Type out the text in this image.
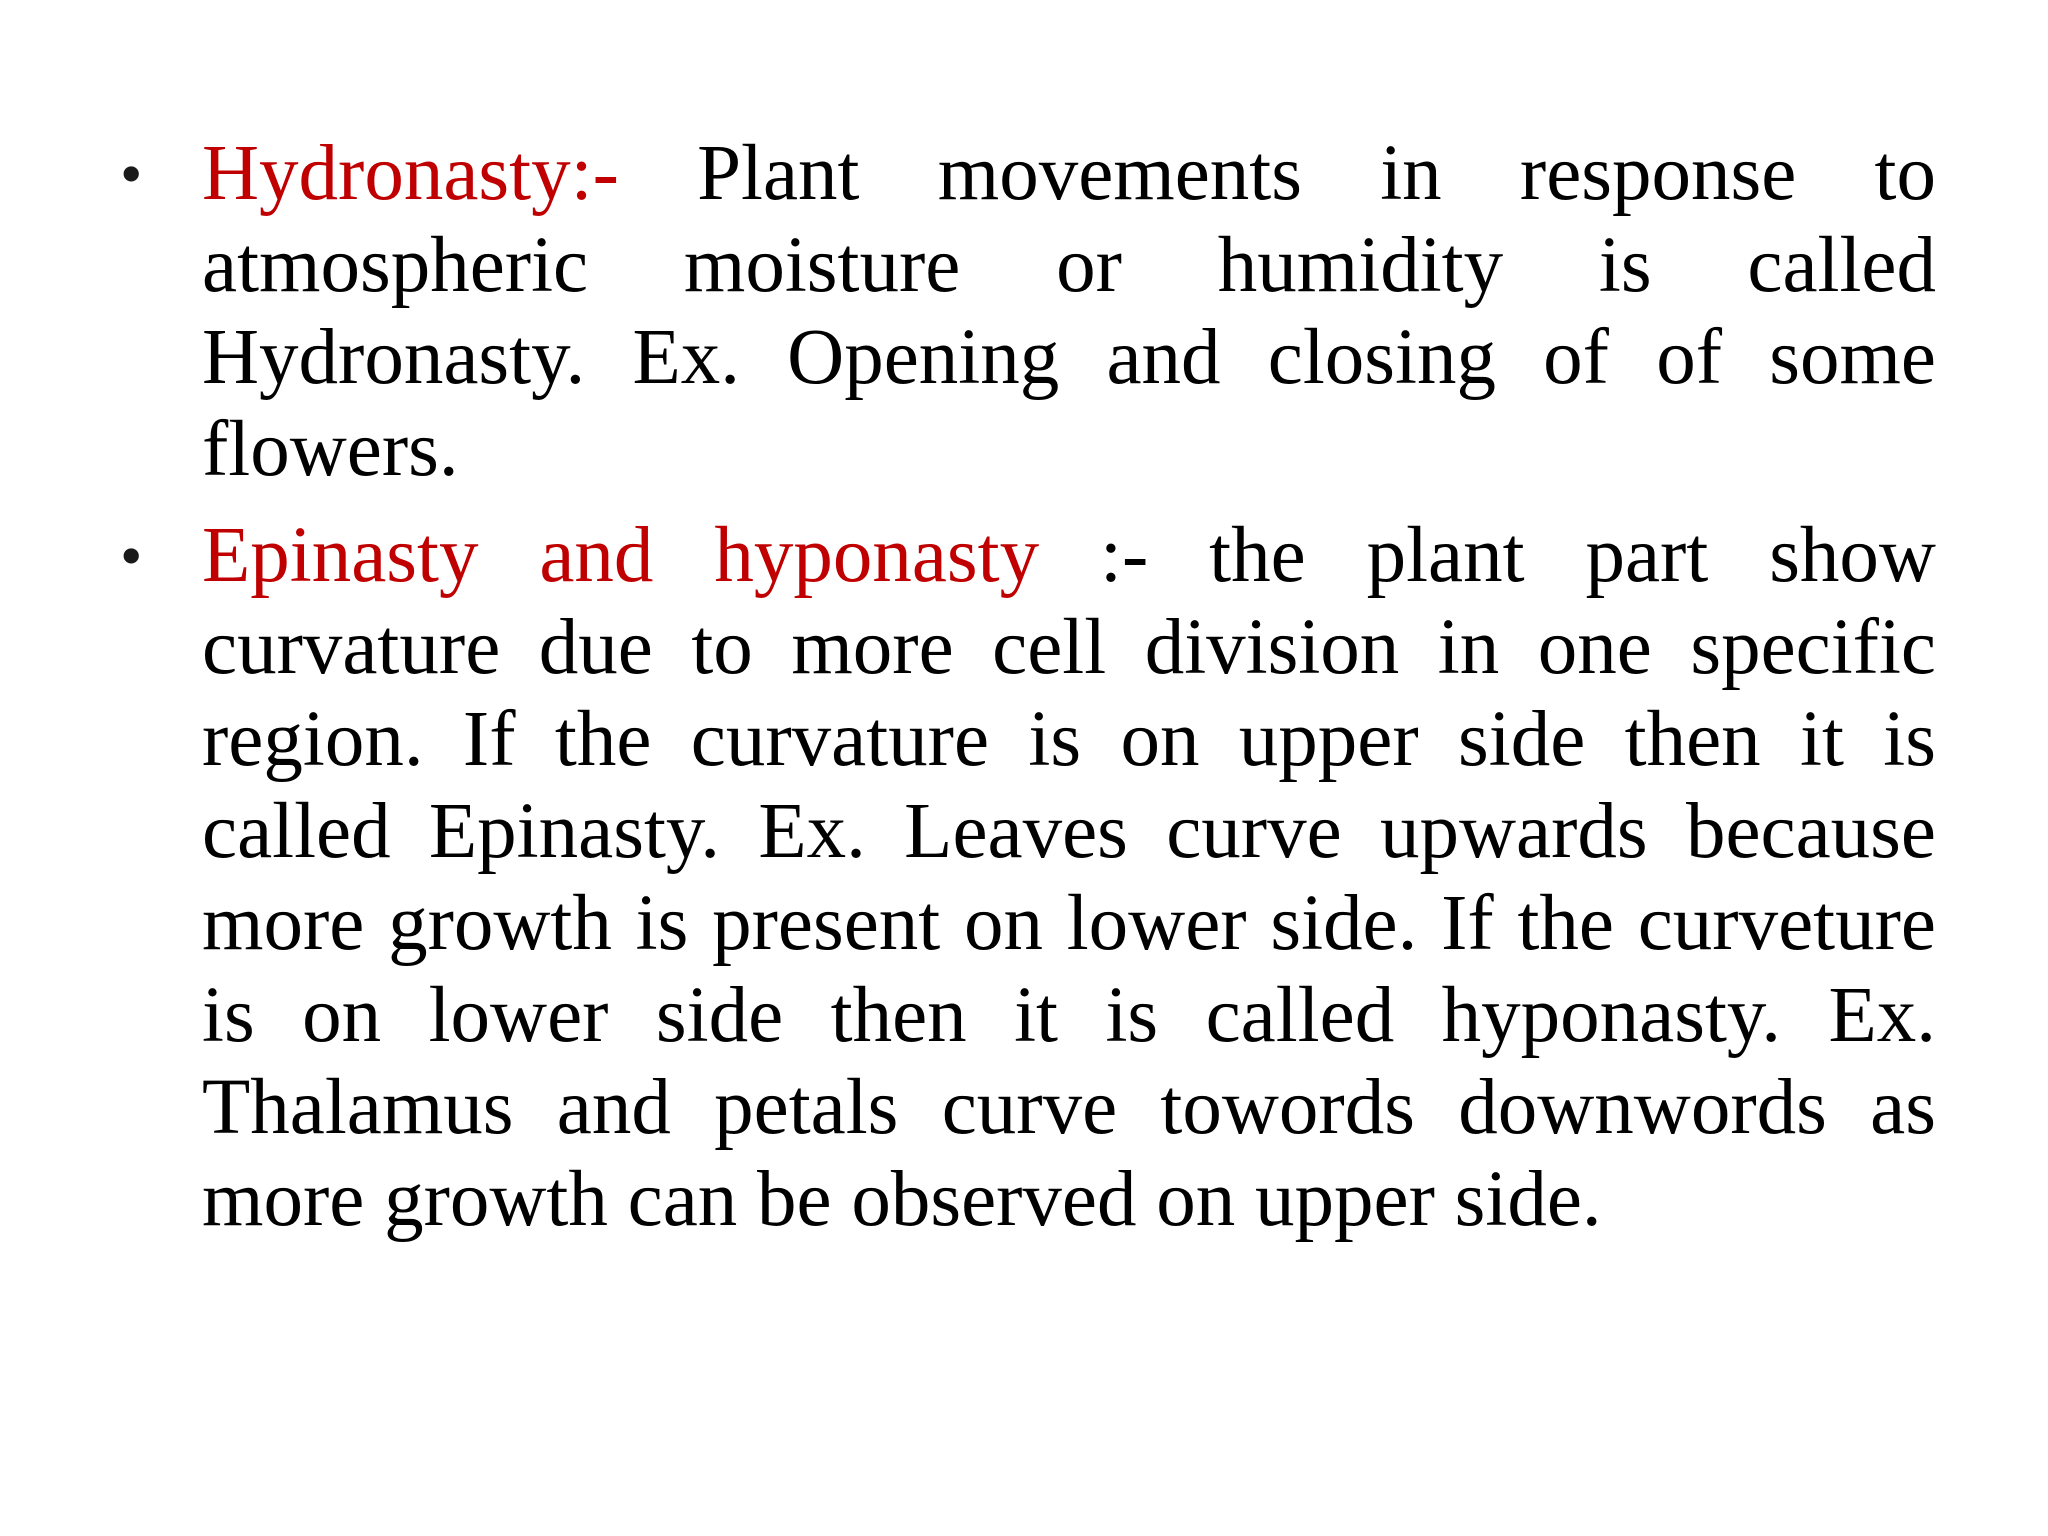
• Hydronasty:- Plant movements in response to atmospheric moisture or humidity is called Hydronasty. Ex. Opening and closing of of some flowers.
• Epinasty and hyponasty :- the plant part show curvature due to more cell division in one specific region. If the curvature is on upper side then it is called Epinasty. Ex. Leaves curve upwards because more growth is present on lower side. If the curveture is on lower side then it is called hyponasty. Ex. Thalamus and petals curve towords downwords as more growth can be observed on upper side.
